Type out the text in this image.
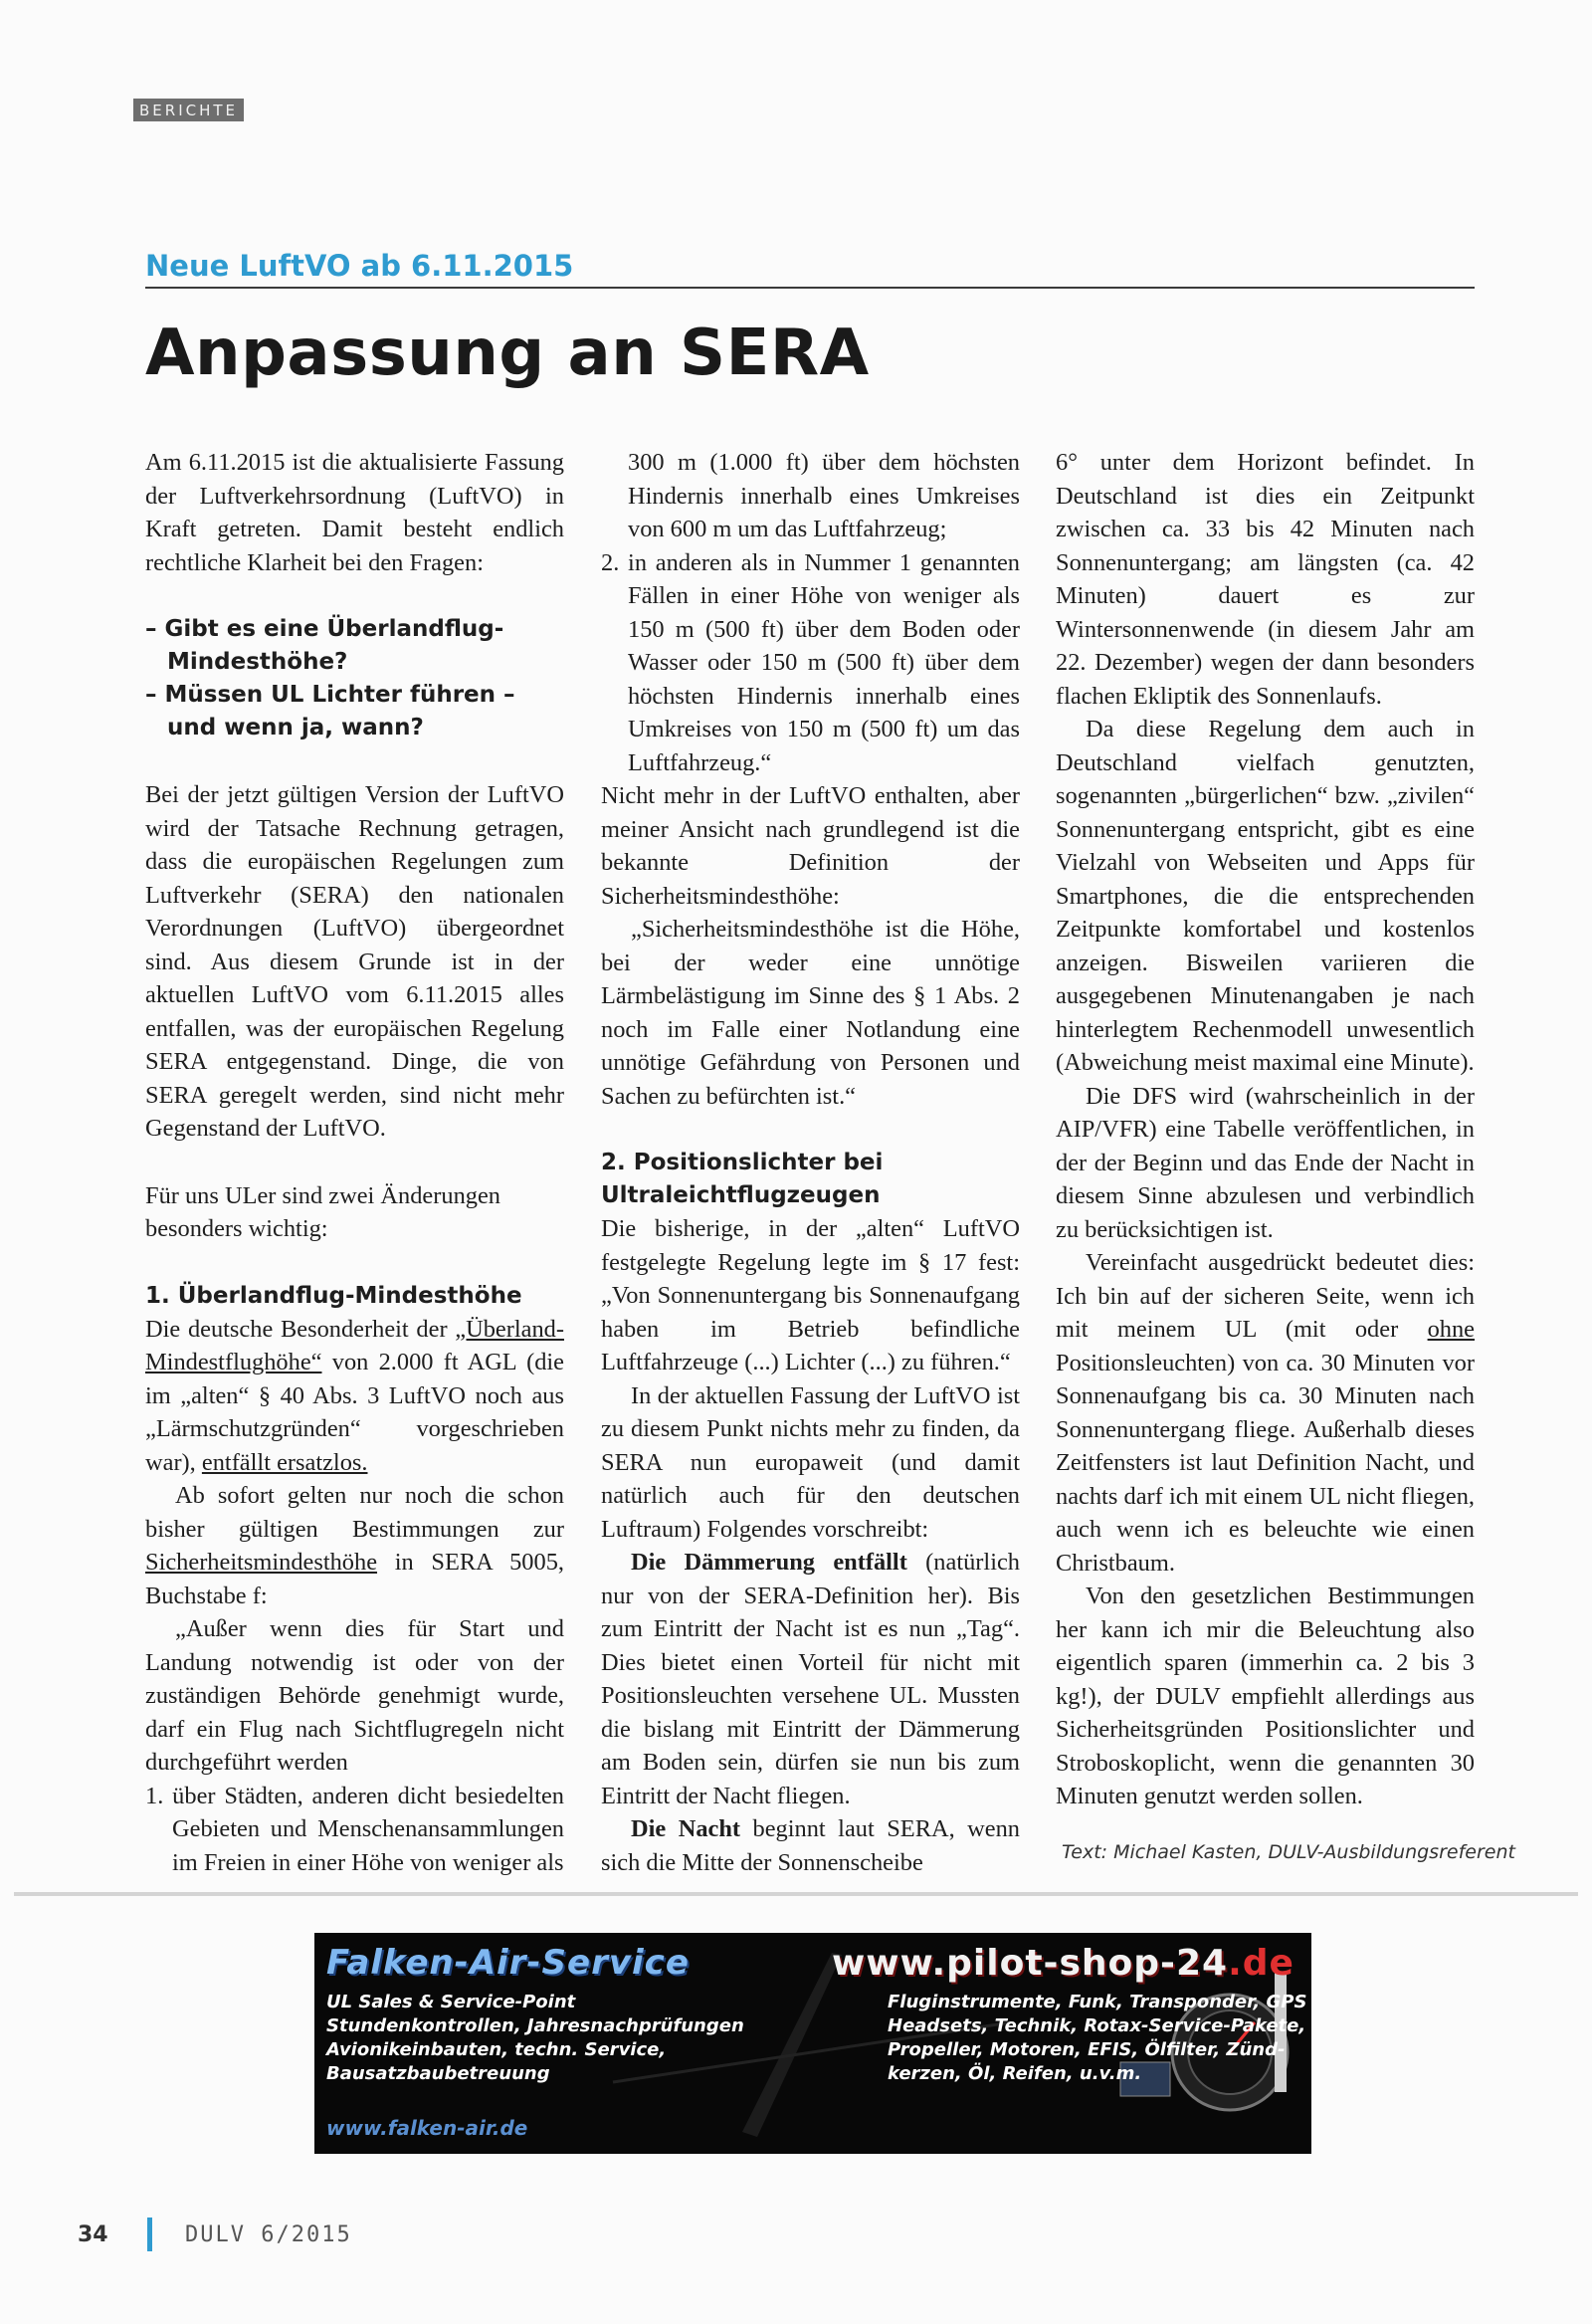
BERICHTE
Neue LuftVO ab 6.11.2015
Anpassung an SERA

Am 6.11.2015 ist die aktualisierte Fassung der Luftverkehrsordnung (LuftVO) in Kraft getreten. Damit besteht endlich rechtliche Klarheit bei den Fragen:

– Gibt es eine Überlandflug-Mindesthöhe?
– Müssen UL Lichter führen – und wenn ja, wann?

Bei der jetzt gültigen Version der LuftVO wird der Tatsache Rechnung getragen, dass die europäischen Regelungen zum Luftverkehr (SERA) den nationalen Verordnungen (LuftVO) übergeordnet sind. Aus diesem Grunde ist in der aktuellen LuftVO vom 6.11.2015 alles entfallen, was der europäischen Regelung SERA entgegenstand. Dinge, die von SERA geregelt werden, sind nicht mehr Gegenstand der LuftVO.

Für uns ULer sind zwei Änderungen besonders wichtig:

1. Überlandflug-Mindesthöhe

Die deutsche Besonderheit der „Überland-Mindestflughöhe“ von 2.000 ft AGL (die im „alten“ § 40 Abs. 3 LuftVO noch aus „Lärmschutzgründen“ vorgeschrieben war), entfällt ersatzlos.

Ab sofort gelten nur noch die schon bisher gültigen Bestimmungen zur Sicherheitsmindesthöhe in SERA 5005, Buchstabe f:

„Außer wenn dies für Start und Landung notwendig ist oder von der zuständigen Behörde genehmigt wurde, darf ein Flug nach Sichtflugregeln nicht durchgeführt werden

1. über Städten, anderen dicht besiedelten Gebieten und Menschenansammlungen im Freien in einer Höhe von weniger als

300 m (1.000 ft) über dem höchsten Hindernis innerhalb eines Umkreises von 600 m um das Luftfahrzeug;

2. in anderen als in Nummer 1 genannten Fällen in einer Höhe von weniger als 150 m (500 ft) über dem Boden oder Wasser oder 150 m (500 ft) über dem höchsten Hindernis innerhalb eines Umkreises von 150 m (500 ft) um das Luftfahrzeug.“

Nicht mehr in der LuftVO enthalten, aber meiner Ansicht nach grundlegend ist die bekannte Definition der Sicherheitsmindesthöhe:

„Sicherheitsmindesthöhe ist die Höhe, bei der weder eine unnötige Lärmbelästigung im Sinne des § 1 Abs. 2 noch im Falle einer Notlandung eine unnötige Gefährdung von Personen und Sachen zu befürchten ist.“

2. Positionslichter bei Ultraleichtflugzeugen

Die bisherige, in der „alten“ LuftVO festgelegte Regelung legte im § 17 fest: „Von Sonnenuntergang bis Sonnenaufgang haben im Betrieb befindliche Luftfahrzeuge (...) Lichter (...) zu führen.“

In der aktuellen Fassung der LuftVO ist zu diesem Punkt nichts mehr zu finden, da SERA nun europaweit (und damit natürlich auch für den deutschen Luftraum) Folgendes vorschreibt:

Die Dämmerung entfällt (natürlich nur von der SERA-Definition her). Bis zum Eintritt der Nacht ist es nun „Tag“. Dies bietet einen Vorteil für nicht mit Positionsleuchten versehene UL. Mussten die bislang mit Eintritt der Dämmerung am Boden sein, dürfen sie nun bis zum Eintritt der Nacht fliegen.

Die Nacht beginnt laut SERA, wenn sich die Mitte der Sonnenscheibe

6° unter dem Horizont befindet. In Deutschland ist dies ein Zeitpunkt zwischen ca. 33 bis 42 Minuten nach Sonnenuntergang; am längsten (ca. 42 Minuten) dauert es zur Wintersonnenwende (in diesem Jahr am 22. Dezember) wegen der dann besonders flachen Ekliptik des Sonnenlaufs.

Da diese Regelung dem auch in Deutschland vielfach genutzten, sogenannten „bürgerlichen“ bzw. „zivilen“ Sonnenuntergang entspricht, gibt es eine Vielzahl von Webseiten und Apps für Smartphones, die die entsprechenden Zeitpunkte komfortabel und kostenlos anzeigen. Bisweilen variieren die ausgegebenen Minutenangaben je nach hinterlegtem Rechenmodell unwesentlich (Abweichung meist maximal eine Minute).

Die DFS wird (wahrscheinlich in der AIP/VFR) eine Tabelle veröffentlichen, in der der Beginn und das Ende der Nacht in diesem Sinne abzulesen und verbindlich zu berücksichtigen ist.

Vereinfacht ausgedrückt bedeutet dies: Ich bin auf der sicheren Seite, wenn ich mit meinem UL (mit oder ohne Positionsleuchten) von ca. 30 Minuten vor Sonnenaufgang bis ca. 30 Minuten nach Sonnenuntergang fliege. Außerhalb dieses Zeitfensters ist laut Definition Nacht, und nachts darf ich mit einem UL nicht fliegen, auch wenn ich es beleuchte wie einen Christbaum.

Von den gesetzlichen Bestimmungen her kann ich mir die Beleuchtung also eigentlich sparen (immerhin ca. 2 bis 3 kg!), der DULV empfiehlt allerdings aus Sicherheitsgründen Positionslichter und Stroboskoplicht, wenn die genannten 30 Minuten genutzt werden sollen.

Text: Michael Kasten, DULV-Ausbildungsreferent
Falken-Air-Service	www.pilot-shop-24.de
UL Sales & Service-Point
Stundenkontrollen, Jahresnachprüfungen
Avionikeinbauten, techn. Service,
Bausatzbaubetreuung
Fluginstrumente, Funk, Transponder, GPS
Headsets, Technik, Rotax-Service-Pakete,
Propeller, Motoren, EFIS, Ölfilter, Zünd-
kerzen, Öl, Reifen, u.v.m.
www.falken-air.de
34	DULV 6/2015
